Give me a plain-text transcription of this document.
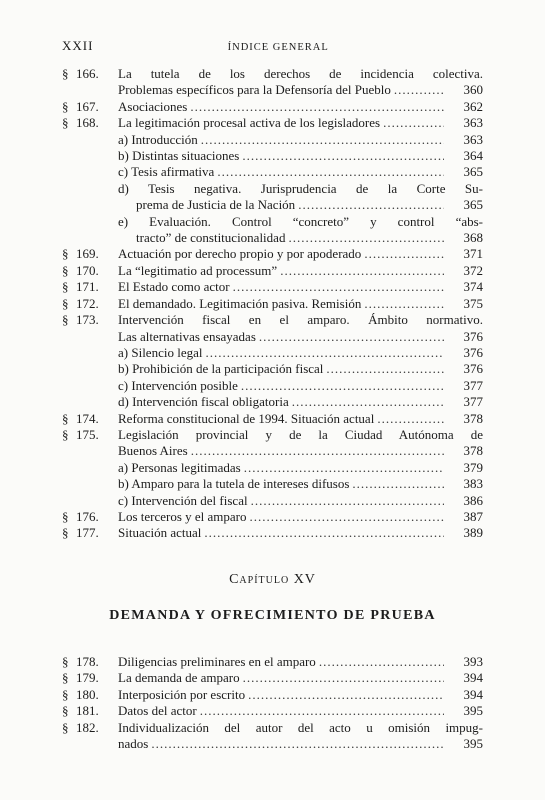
XXII	ÍNDICE GENERAL
§ 166.	La tutela de los derechos de incidencia colectiva.
Problemas específicos para la Defensoría del Pueblo .....	360
§ 167.	Asociaciones .....	362
§ 168.	La legitimación procesal activa de los legisladores .....	363
a) Introducción .....	363
b) Distintas situaciones .....	364
c) Tesis afirmativa .....	365
d) Tesis negativa. Jurisprudencia de la Corte Su-
prema de Justicia de la Nación .....	365
e) Evaluación. Control “concreto” y control “abs-
tracto” de constitucionalidad .....	368
§ 169.	Actuación por derecho propio y por apoderado .....	371
§ 170.	La “legitimatio ad processum” .....	372
§ 171.	El Estado como actor .....	374
§ 172.	El demandado. Legitimación pasiva. Remisión .....	375
§ 173.	Intervención fiscal en el amparo. Ámbito normativo.
Las alternativas ensayadas .....	376
a) Silencio legal .....	376
b) Prohibición de la participación fiscal .....	376
c) Intervención posible .....	377
d) Intervención fiscal obligatoria .....	377
§ 174.	Reforma constitucional de 1994. Situación actual .....	378
§ 175.	Legislación provincial y de la Ciudad Autónoma de
Buenos Aires .....	378
a) Personas legitimadas .....	379
b) Amparo para la tutela de intereses difusos .....	383
c) Intervención del fiscal .....	386
§ 176.	Los terceros y el amparo .....	387
§ 177.	Situación actual .....	389
Capítulo XV
DEMANDA Y OFRECIMIENTO DE PRUEBA
§ 178.	Diligencias preliminares en el amparo .....	393
§ 179.	La demanda de amparo .....	394
§ 180.	Interposición por escrito .....	394
§ 181.	Datos del actor .....	395
§ 182.	Individualización del autor del acto u omisión impug-
nados .....	395
